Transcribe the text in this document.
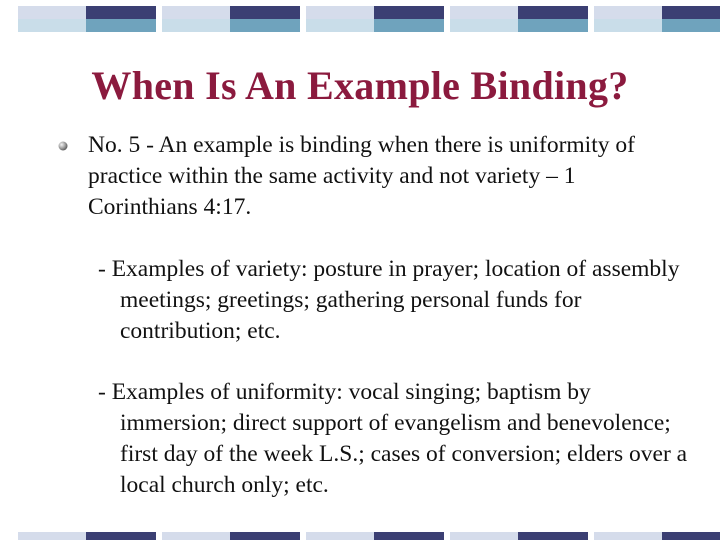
When Is An Example Binding?
No. 5 - An example is binding when there is uniformity of practice within the same activity and not variety – 1 Corinthians 4:17.
- Examples of variety: posture in prayer; location of assembly meetings; greetings; gathering personal funds for contribution; etc.
- Examples of uniformity: vocal singing; baptism by immersion; direct support of evangelism and benevolence; first day of the week L.S.; cases of conversion; elders over a local church only; etc.
